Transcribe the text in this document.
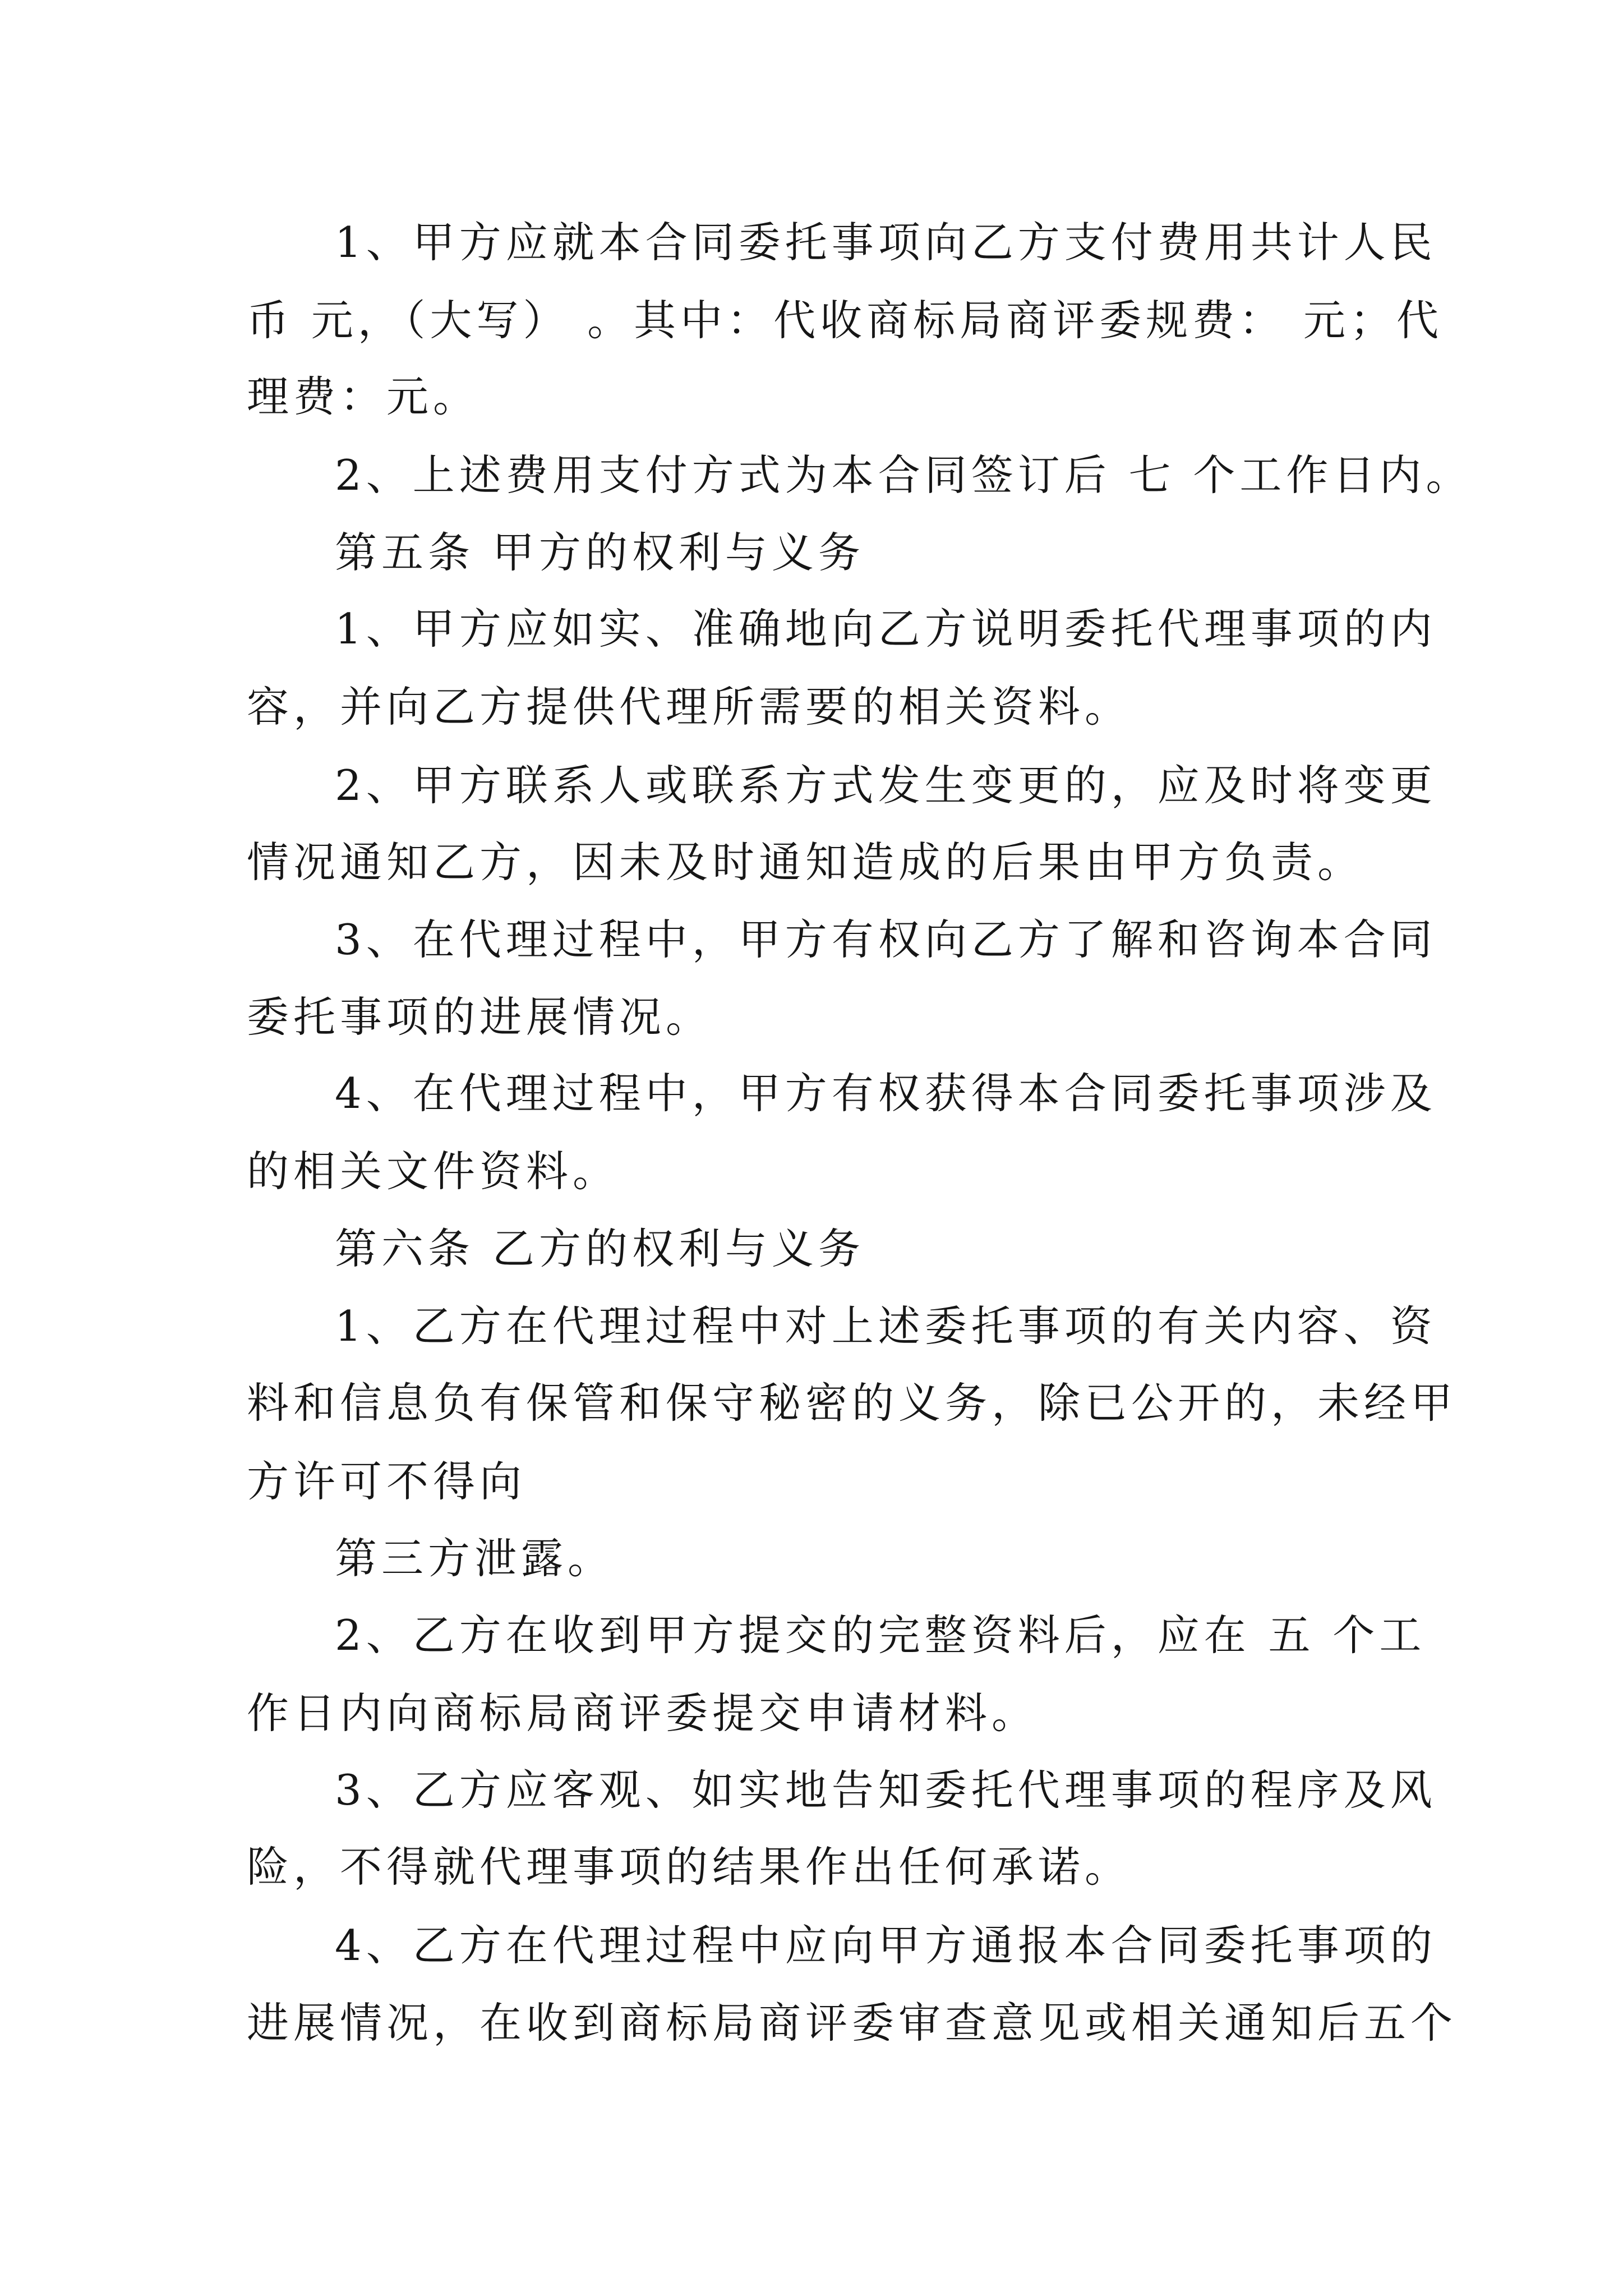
1、甲方应就本合同委托事项向乙方支付费用共计人民

币 元，（大写） 。其中：代收商标局商评委规费： 元；代

理费：元。

2、上述费用支付方式为本合同签订后 七 个工作日内。

第五条 甲方的权利与义务

1、甲方应如实、准确地向乙方说明委托代理事项的内

容，并向乙方提供代理所需要的相关资料。

2、甲方联系人或联系方式发生变更的，应及时将变更

情况通知乙方，因未及时通知造成的后果由甲方负责。

3、在代理过程中，甲方有权向乙方了解和咨询本合同

委托事项的进展情况。

4、在代理过程中，甲方有权获得本合同委托事项涉及

的相关文件资料。

第六条 乙方的权利与义务

1、乙方在代理过程中对上述委托事项的有关内容、资

料和信息负有保管和保守秘密的义务，除已公开的，未经甲

方许可不得向

第三方泄露。

2、乙方在收到甲方提交的完整资料后，应在 五 个工

作日内向商标局商评委提交申请材料。

3、乙方应客观、如实地告知委托代理事项的程序及风

险，不得就代理事项的结果作出任何承诺。

4、乙方在代理过程中应向甲方通报本合同委托事项的

进展情况，在收到商标局商评委审查意见或相关通知后五个
